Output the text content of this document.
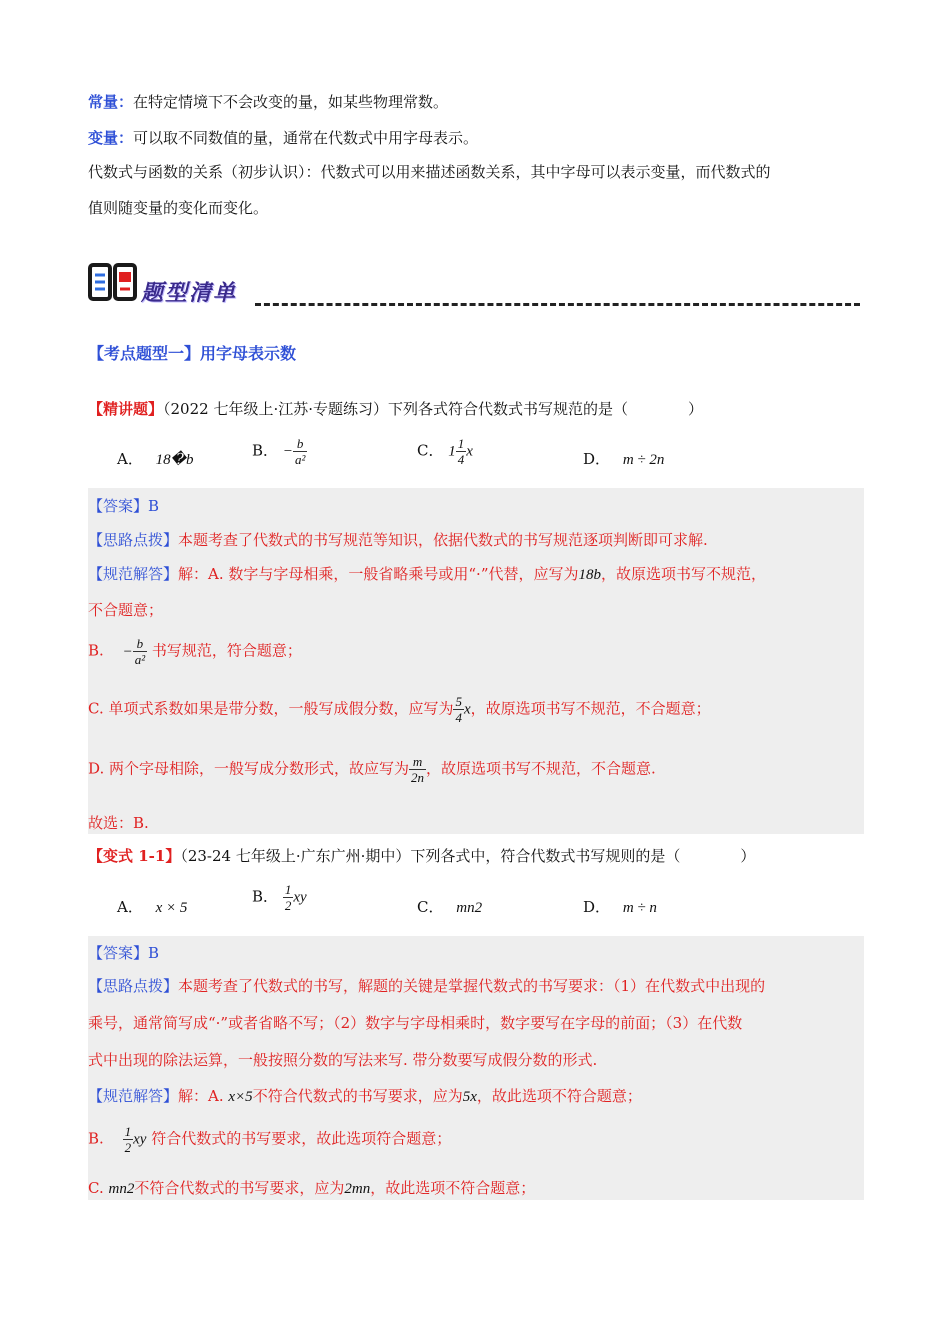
常量：在特定情境下不会改变的量，如某些物理常数。
变量：可以取不同数值的量，通常在代数式中用字母表示。
代数式与函数的关系（初步认识）：代数式可以用来描述函数关系，其中字母可以表示变量，而代数式的
值则随变量的变化而变化。
题型清单
【考点题型一】用字母表示数
【精讲题】（2022 七年级上·江苏·专题练习）下列各式符合代数式书写规范的是（　　　　）
A． 18�b
B． − $\frac{b}{\text{a²}}$	C． $1 \frac{1}{4}$ x	D． m ÷ 2n
【答案】B
【思路点拨】本题考查了代数式的书写规范等知识，依据代数式的书写规范逐项判断即可求解.
【规范解答】解：A. 数字与字母相乘，一般省略乘号或用“·”代替，应写为18b，故原选项书写不规范，
不合题意；
B. − $\frac{b}{\text{a²}}$ 书写规范，符合题意；
C. 单项式系数如果是带分数，一般写成假分数，应写为 $\frac{5}{4}$ x，故原选项书写不规范，不合题意；
D. 两个字母相除，一般写成分数形式，故应写为 $\frac{m}{2n}$ ，故原选项书写不规范，不合题意.
故选：B.
【变式 1-1】（23-24 七年级上·广东广州·期中）下列各式中，符合代数式书写规则的是（　　　　）
A． x × 5
B． $\frac{1}{2}$ xy
C． mn2	D． m ÷ n
【答案】B
【思路点拨】本题考查了代数式的书写，解题的关键是掌握代数式的书写要求：（1）在代数式中出现的
乘号，通常简写成“·”或者省略不写；（2）数字与字母相乘时，数字要写在字母的前面；（3）在代数
式中出现的除法运算，一般按照分数的写法来写. 带分数要写成假分数的形式.
【规范解答】解：A. x×5不符合代数式的书写要求，应为5x，故此选项不符合题意；
B. $\frac{1}{2}$ xy 符合代数式的书写要求，故此选项符合题意；
C. mn2不符合代数式的书写要求，应为2mn，故此选项不符合题意；
